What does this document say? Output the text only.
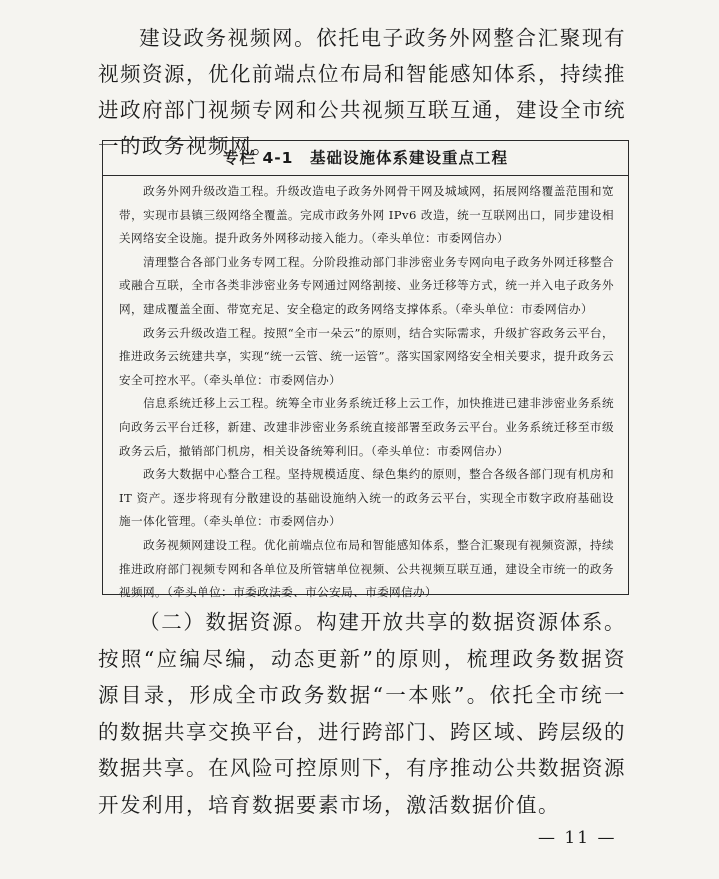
建设政务视频网。依托电子政务外网整合汇聚现有视频资源，优化前端点位布局和智能感知体系，持续推进政府部门视频专网和公共视频互联互通，建设全市统一的政务视频网。

专栏 4-1　基础设施体系建设重点工程

政务外网升级改造工程。升级改造电子政务外网骨干网及城域网，拓展网络覆盖范围和宽带，实现市县镇三级网络全覆盖。完成市政务外网 IPv6 改造，统一互联网出口，同步建设相关网络安全设施。提升政务外网移动接入能力。（牵头单位：市委网信办）

清理整合各部门业务专网工程。分阶段推动部门非涉密业务专网向电子政务外网迁移整合或融合互联，全市各类非涉密业务专网通过网络割接、业务迁移等方式，统一并入电子政务外网，建成覆盖全面、带宽充足、安全稳定的政务网络支撑体系。（牵头单位：市委网信办）

政务云升级改造工程。按照“全市一朵云”的原则，结合实际需求，升级扩容政务云平台，推进政务云统建共享，实现“统一云管、统一运管”。落实国家网络安全相关要求，提升政务云安全可控水平。（牵头单位：市委网信办）

信息系统迁移上云工程。统筹全市业务系统迁移上云工作，加快推进已建非涉密业务系统向政务云平台迁移，新建、改建非涉密业务系统直接部署至政务云平台。业务系统迁移至市级政务云后，撤销部门机房，相关设备统筹利旧。（牵头单位：市委网信办）

政务大数据中心整合工程。坚持规模适度、绿色集约的原则，整合各级各部门现有机房和 IT 资产。逐步将现有分散建设的基础设施纳入统一的政务云平台，实现全市数字政府基础设施一体化管理。（牵头单位：市委网信办）

政务视频网建设工程。优化前端点位布局和智能感知体系，整合汇聚现有视频资源，持续推进政府部门视频专网和各单位及所管辖单位视频、公共视频互联互通，建设全市统一的政务视频网。（牵头单位：市委政法委、市公安局、市委网信办）

（二）数据资源。构建开放共享的数据资源体系。按照“应编尽编，动态更新”的原则，梳理政务数据资源目录，形成全市政务数据“一本账”。依托全市统一的数据共享交换平台，进行跨部门、跨区域、跨层级的数据共享。在风险可控原则下，有序推动公共数据资源开发利用，培育数据要素市场，激活数据价值。

— 11 —
